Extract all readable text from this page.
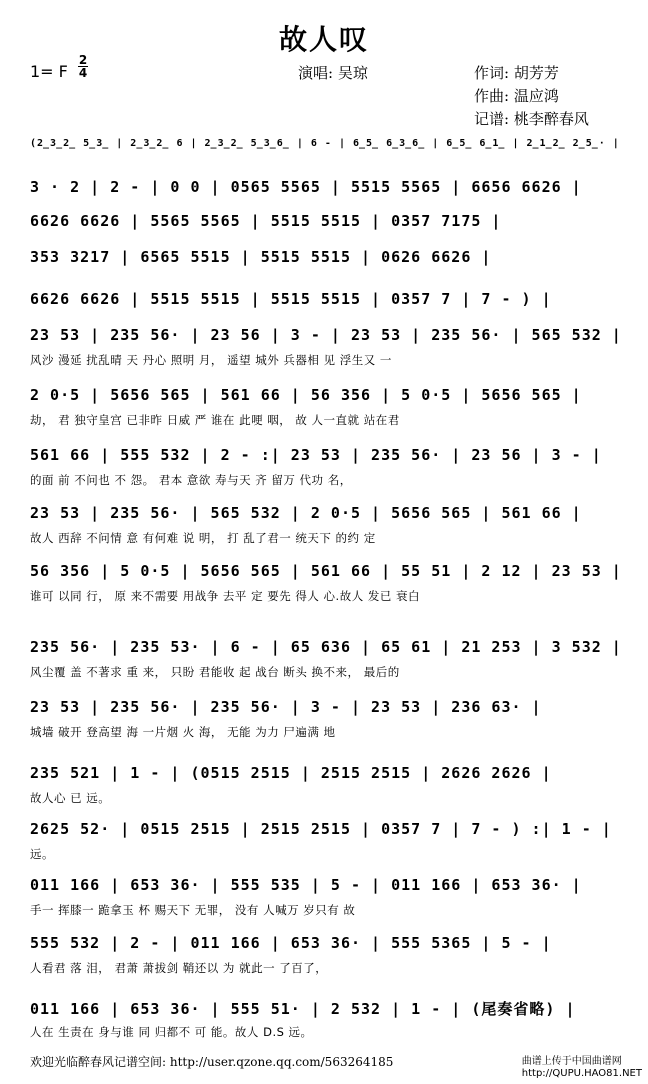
故人叹
1= F
2
4	演唱: 吴琼	作词: 胡芳芳
作曲: 温应鸿
记谱: 桃李醉春风
(2̲3̲2̲ 5̲3̲ | 2̲3̲2̲ 6 | 2̲3̲2̲ 5̲3̲6̲ | 6 - | 6̲5̲ 6̲3̲6̲ | 6̲5̲ 6̲1̲ | 2̲1̲2̲ 2̲5̲· |
3 · 2 | 2 - | 0 0 | 0565 5565 | 5515 5565 | 6656 6626 |
6626 6626 | 5565 5565 | 5515 5515 | 0357 7175 |
353 3217 | 6565 5515 | 5515 5515 | 0626 6626 |
6626 6626 | 5515 5515 | 5515 5515 | 0357 7 | 7 - ) |
23 53 | 235 56· | 23 56 | 3 - | 23 53 | 235 56· | 565 532 |
风沙 漫延 扰乱晴 天 丹心 照明 月， 遥望 城外 兵器相 见 浮生又 一
2 0·5 | 5656 565 | 561 66 | 56 356 | 5 0·5 | 5656 565 |
劫， 君 独守皇宫 已非昨 日威 严 谁在 此哽 咽， 故 人一直就 站在君
561 66 | 555 532 | 2 - :| 23 53 | 235 56· | 23 56 | 3 - |
的面 前 不问也 不 怨。 君本 意欲 寿与天 齐 留万 代功 名，
23 53 | 235 56· | 565 532 | 2 0·5 | 5656 565 | 561 66 |
故人 西辞 不问情 意 有何难 说 明， 打 乱了君一 统天下 的约 定
56 356 | 5 0·5 | 5656 565 | 561 66 | 55 51 | 2 12 | 23 53 |
谁可 以同 行， 原 来不需要 用战争 去平 定 要先 得人 心.故人 发已 衰白
235 56· | 235 53· | 6 - | 65 636 | 65 61 | 21 253 | 3 532 |
风尘覆 盖 不著求 重 来， 只盼 君能收 起 战台 断头 换不来， 最后的
23 53 | 235 56· | 235 56· | 3 - | 23 53 | 236 63· |
城墙 破开 登高望 海 一片烟 火 海， 无能 为力 尸遍满 地
235 521 | 1 - | (0515 2515 | 2515 2515 | 2626 2626 |
故人心 已 远。
2625 52· | 0515 2515 | 2515 2515 | 0357 7 | 7 - ) :| 1 - |
远。
011 166 | 653 36· | 555 535 | 5 - | 011 166 | 653 36· |
手一 挥膝一 跪拿玉 杯 赐天下 无罪， 没有 人喊万 岁只有 故
555 532 | 2 - | 011 166 | 653 36· | 555 5365 | 5 - |
人看君 落 泪， 君萧 萧拔剑 鞘还以 为 就此一 了百了，
011 166 | 653 36· | 555 51· | 2 532 | 1 - | (尾奏省略) |
人在 生责在 身与谁 同 归都不 可 能。故人 D.S 远。
欢迎光临醉春风记谱空间: http://user.qzone.qq.com/563264185	曲谱上传于中国曲谱网
http://QUPU.HAO81.NET
